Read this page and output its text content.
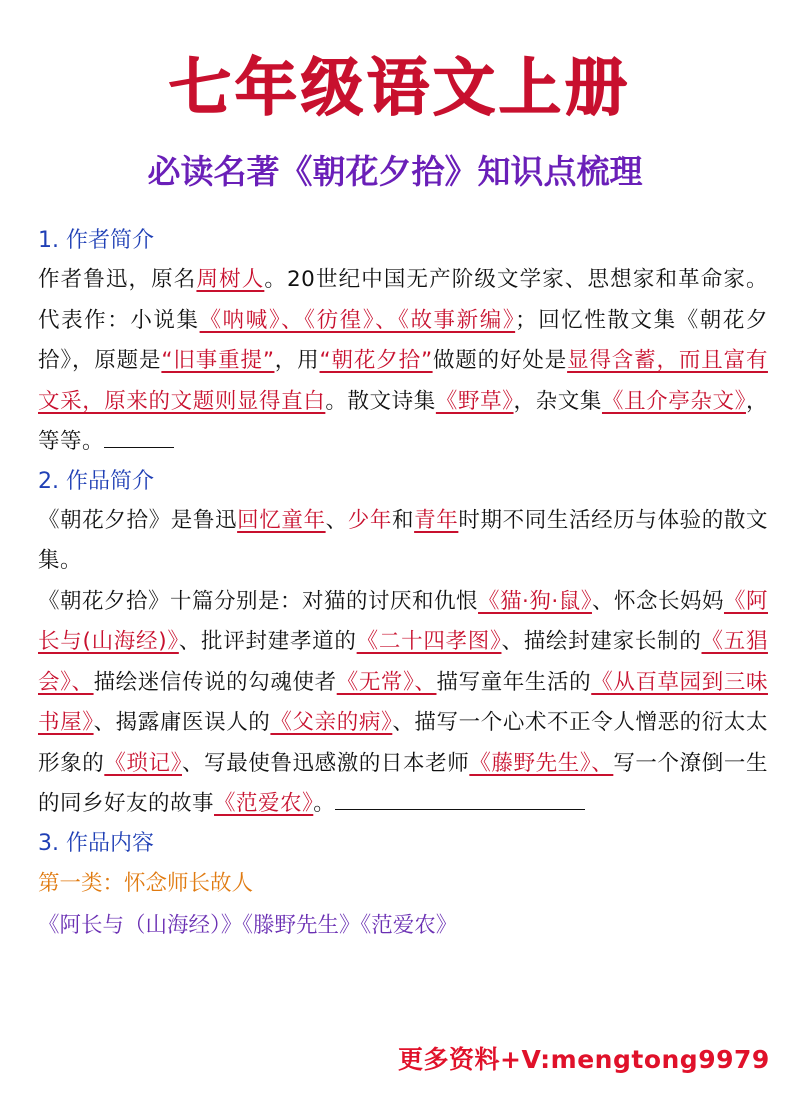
七年级语文上册
必读名著《朝花夕拾》知识点梳理
1. 作者简介
作者鲁迅，原名周树人。20世纪中国无产阶级文学家、思想家和革命家。代表作：小说集《呐喊》、《彷徨》、《故事新编》；回忆性散文集《朝花夕拾》，原题是“旧事重提”，用“朝花夕拾”做题的好处是显得含蓄，而且富有文采，原来的文题则显得直白。散文诗集《野草》，杂文集《且介亭杂文》，等等。
2. 作品简介
《朝花夕拾》是鲁迅回忆童年、少年和青年时期不同生活经历与体验的散文集。
《朝花夕拾》十篇分别是：对猫的讨厌和仇恨《猫·狗·鼠》、怀念长妈妈《阿长与(山海经)》、批评封建孝道的《二十四孝图》、描绘封建家长制的《五猖会》、描绘迷信传说的勾魂使者《无常》、描写童年生活的《从百草园到三味书屋》、揭露庸医误人的《父亲的病》、描写一个心术不正令人憎恶的衍太太形象的《琐记》、写最使鲁迅感激的日本老师《藤野先生》、写一个潦倒一生的同乡好友的故事《范爱农》。
3. 作品内容
第一类：怀念师长故人
《阿长与（山海经）》《滕野先生》《范爱农》
更多资料+V:mengtong9979
